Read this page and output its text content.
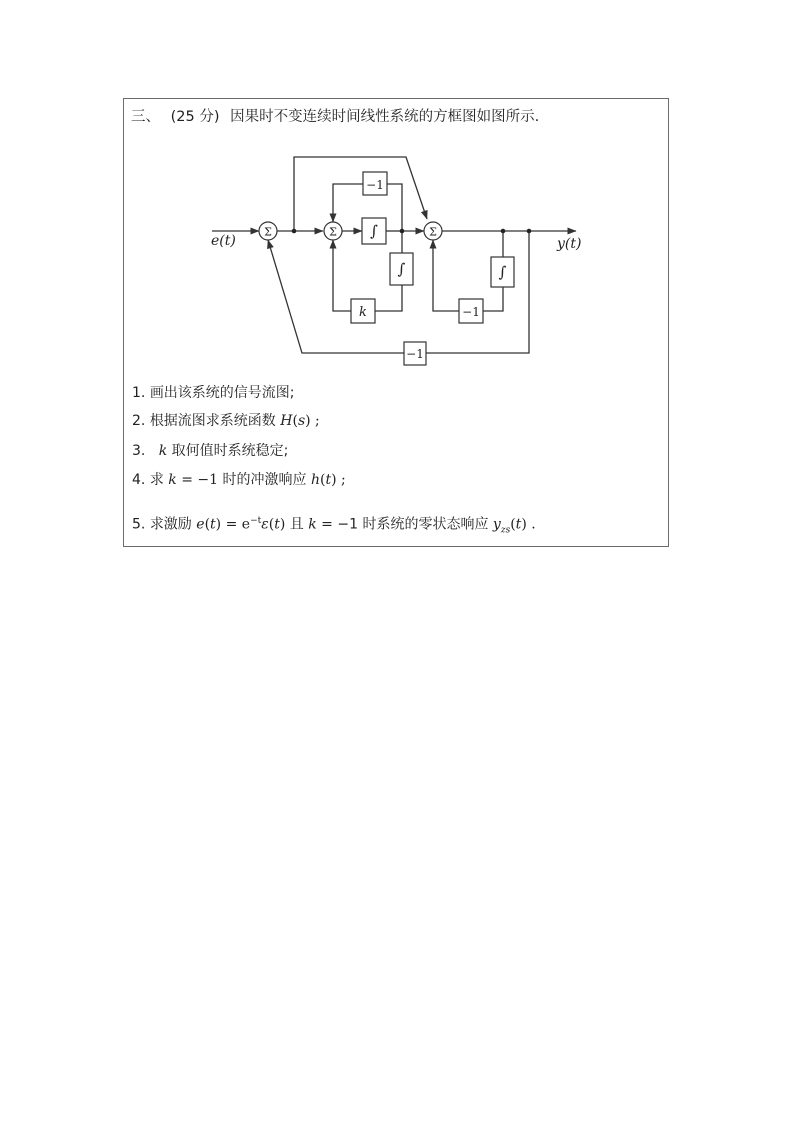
三、 (25 分) 因果时不变连续时间线性系统的方框图如图所示.
Σ	Σ	Σ
−1
∫
∫
k
∫
−1
−1
e(t)	y(t)
1. 画出该系统的信号流图;
2. 根据流图求系统函数 H(s) ;
3. k 取何值时系统稳定;
4. 求 k = −1 时的冲激响应 h(t) ;
5. 求激励 $e(t) = e^{-t}\varepsilon(t)$ 且 k = −1 时系统的零状态响应 $y_{zs}(t)$ .
